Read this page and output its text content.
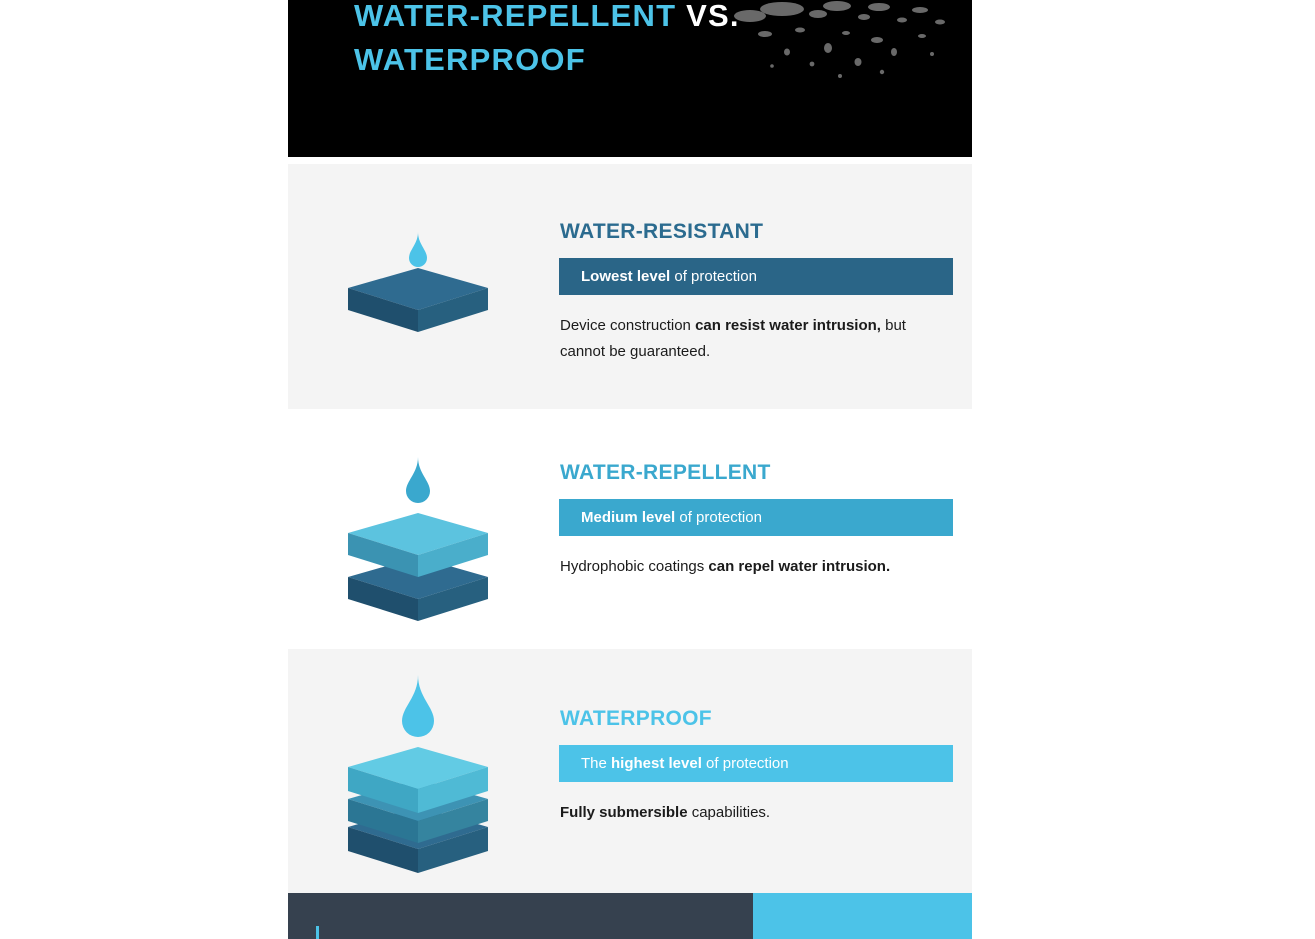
WATER-REPELLENT VS.
WATERPROOF
WATER-RESISTANT
Lowest level of protection
Device construction can resist water intrusion, but cannot be guaranteed.
WATER-REPELLENT
Medium level of protection
Hydrophobic coatings can repel water intrusion.
WATERPROOF
The highest level of protection
Fully submersible capabilities.
